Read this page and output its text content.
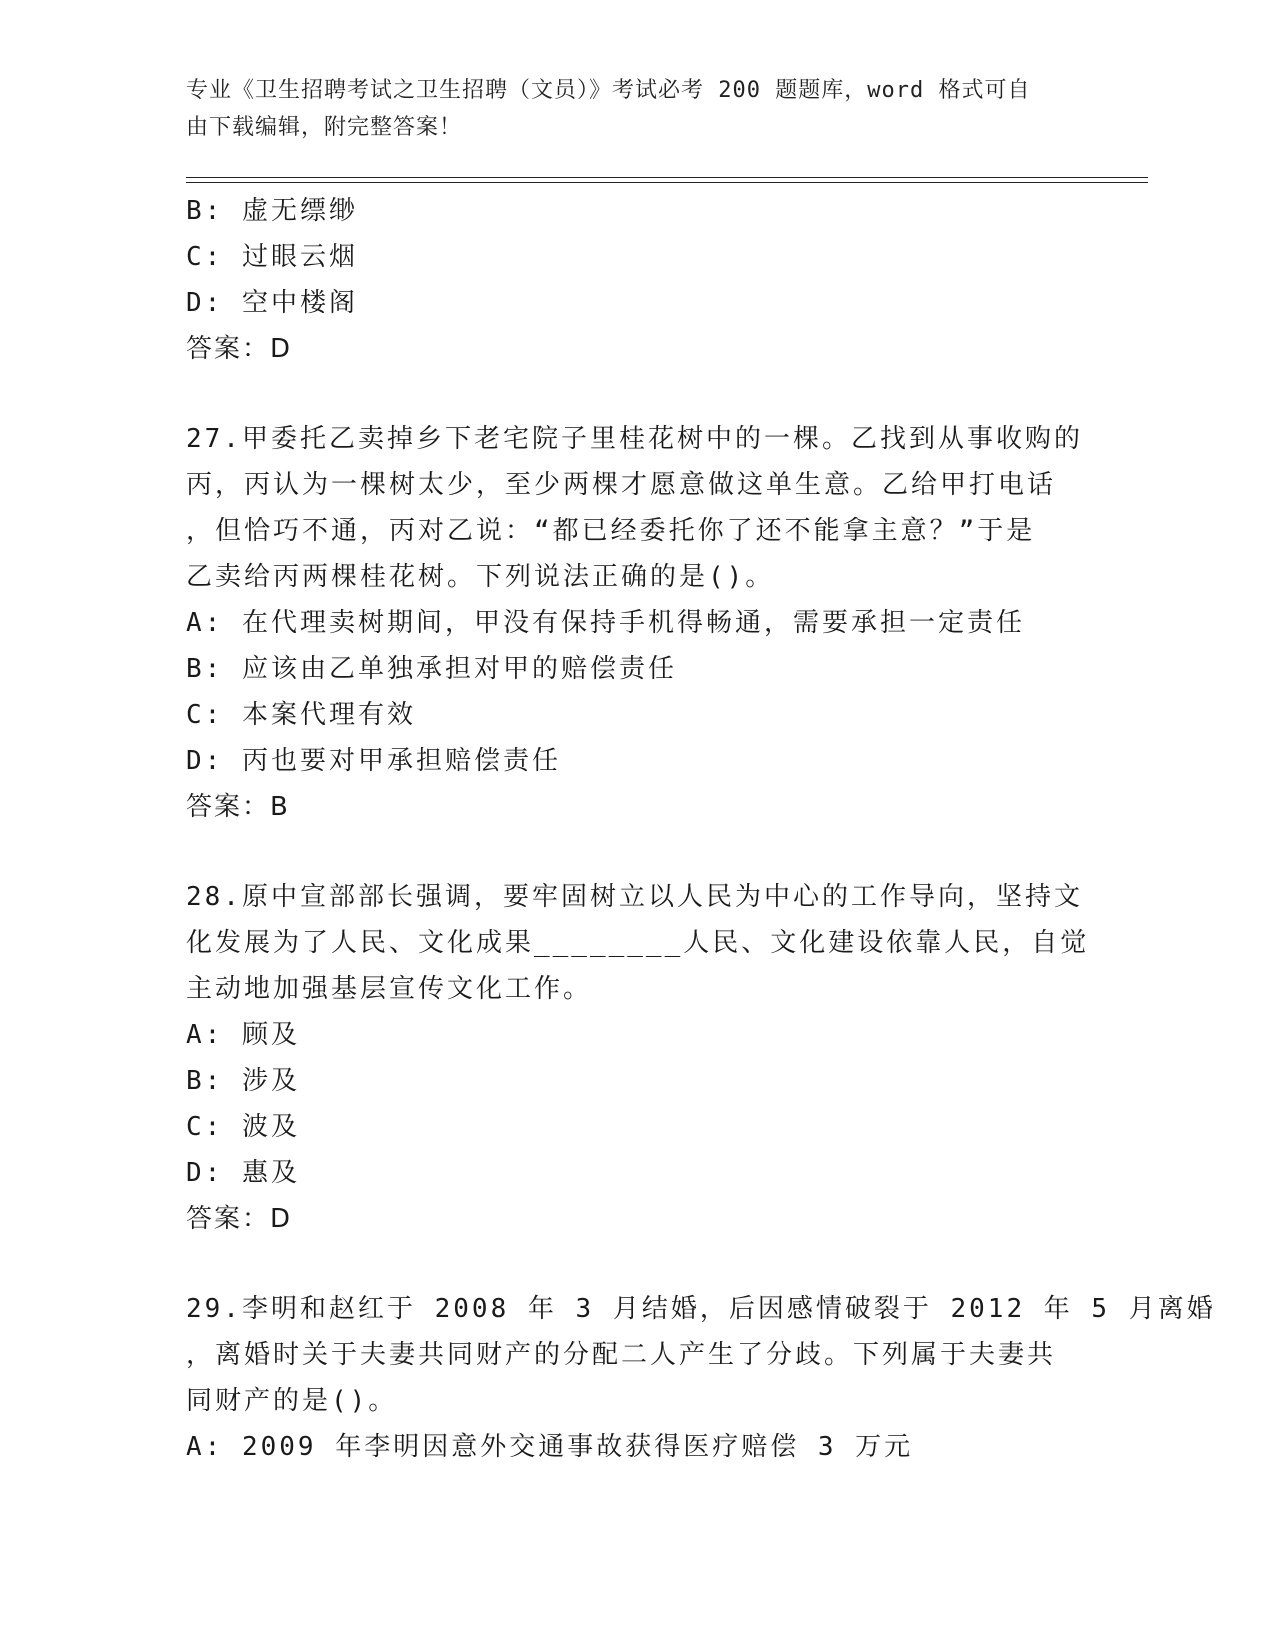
专业《卫生招聘考试之卫生招聘（文员）》考试必考 200 题题库，word 格式可自
由下载编辑，附完整答案！
B: 虚无缥缈
C: 过眼云烟
D: 空中楼阁
答案：D
27.甲委托乙卖掉乡下老宅院子里桂花树中的一棵。乙找到从事收购的
丙，丙认为一棵树太少，至少两棵才愿意做这单生意。乙给甲打电话
，但恰巧不通，丙对乙说：“都已经委托你了还不能拿主意？”于是
乙卖给丙两棵桂花树。下列说法正确的是()。
A: 在代理卖树期间，甲没有保持手机得畅通，需要承担一定责任
B: 应该由乙单独承担对甲的赔偿责任
C: 本案代理有效
D: 丙也要对甲承担赔偿责任
答案：B
28.原中宣部部长强调，要牢固树立以人民为中心的工作导向，坚持文
化发展为了人民、文化成果________人民、文化建设依靠人民，自觉
主动地加强基层宣传文化工作。
A: 顾及
B: 涉及
C: 波及
D: 惠及
答案：D
29.李明和赵红于 2008 年 3 月结婚，后因感情破裂于 2012 年 5 月离婚
，离婚时关于夫妻共同财产的分配二人产生了分歧。下列属于夫妻共
同财产的是()。
A: 2009 年李明因意外交通事故获得医疗赔偿 3 万元
